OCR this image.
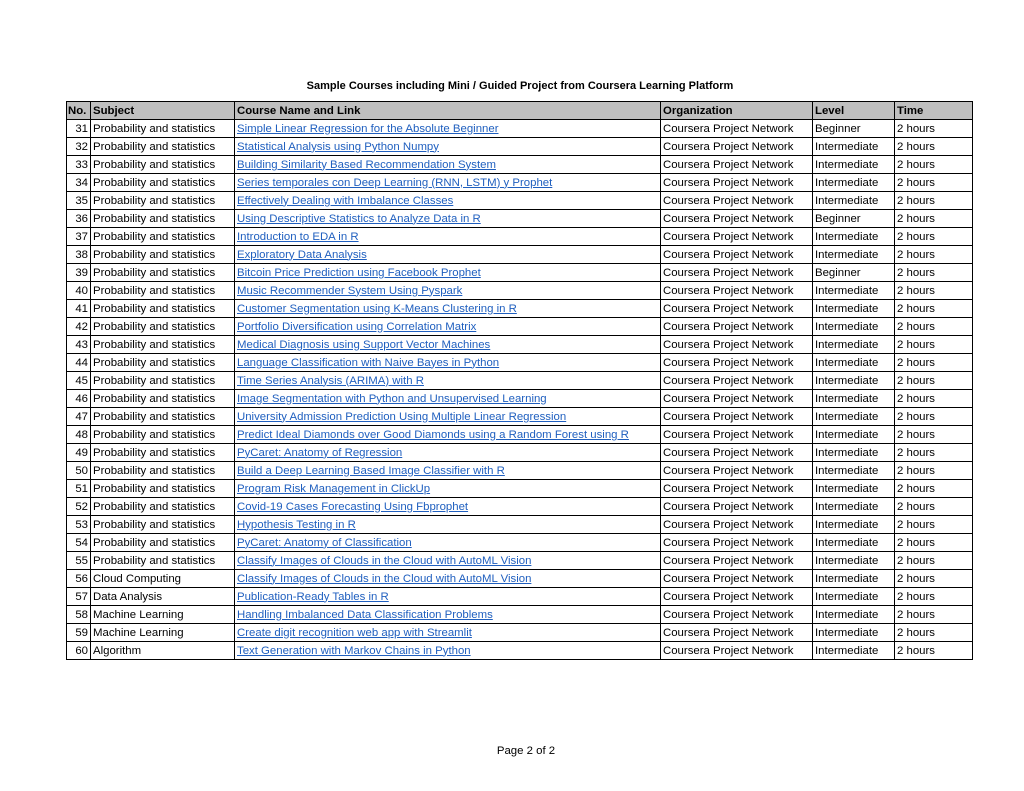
Sample Courses including Mini / Guided Project from Coursera Learning Platform
No.	Subject	Course Name and Link	Organization	Level	Time
31	Probability and statistics	Simple Linear Regression for the Absolute Beginner	Coursera Project Network	Beginner	2 hours
32	Probability and statistics	Statistical Analysis using Python Numpy	Coursera Project Network	Intermediate	2 hours
33	Probability and statistics	Building Similarity Based Recommendation System	Coursera Project Network	Intermediate	2 hours
34	Probability and statistics	Series temporales con Deep Learning (RNN, LSTM) y Prophet	Coursera Project Network	Intermediate	2 hours
35	Probability and statistics	Effectively Dealing with Imbalance Classes	Coursera Project Network	Intermediate	2 hours
36	Probability and statistics	Using Descriptive Statistics to Analyze Data in R	Coursera Project Network	Beginner	2 hours
37	Probability and statistics	Introduction to EDA in R	Coursera Project Network	Intermediate	2 hours
38	Probability and statistics	Exploratory Data Analysis	Coursera Project Network	Intermediate	2 hours
39	Probability and statistics	Bitcoin Price Prediction using Facebook Prophet	Coursera Project Network	Beginner	2 hours
40	Probability and statistics	Music Recommender System Using Pyspark	Coursera Project Network	Intermediate	2 hours
41	Probability and statistics	Customer Segmentation using K-Means Clustering in R	Coursera Project Network	Intermediate	2 hours
42	Probability and statistics	Portfolio Diversification using Correlation Matrix	Coursera Project Network	Intermediate	2 hours
43	Probability and statistics	Medical Diagnosis using Support Vector Machines	Coursera Project Network	Intermediate	2 hours
44	Probability and statistics	Language Classification with Naive Bayes in Python	Coursera Project Network	Intermediate	2 hours
45	Probability and statistics	Time Series Analysis (ARIMA) with R	Coursera Project Network	Intermediate	2 hours
46	Probability and statistics	Image Segmentation with Python and Unsupervised Learning	Coursera Project Network	Intermediate	2 hours
47	Probability and statistics	University Admission Prediction Using Multiple Linear Regression	Coursera Project Network	Intermediate	2 hours
48	Probability and statistics	Predict Ideal Diamonds over Good Diamonds using a Random Forest using R	Coursera Project Network	Intermediate	2 hours
49	Probability and statistics	PyCaret: Anatomy of Regression	Coursera Project Network	Intermediate	2 hours
50	Probability and statistics	Build a Deep Learning Based Image Classifier with R	Coursera Project Network	Intermediate	2 hours
51	Probability and statistics	Program Risk Management in ClickUp	Coursera Project Network	Intermediate	2 hours
52	Probability and statistics	Covid-19 Cases Forecasting Using Fbprophet	Coursera Project Network	Intermediate	2 hours
53	Probability and statistics	Hypothesis Testing in R	Coursera Project Network	Intermediate	2 hours
54	Probability and statistics	PyCaret: Anatomy of Classification	Coursera Project Network	Intermediate	2 hours
55	Probability and statistics	Classify Images of Clouds in the Cloud with AutoML Vision	Coursera Project Network	Intermediate	2 hours
56	Cloud Computing	Classify Images of Clouds in the Cloud with AutoML Vision	Coursera Project Network	Intermediate	2 hours
57	Data Analysis	Publication-Ready Tables in R	Coursera Project Network	Intermediate	2 hours
58	Machine Learning	Handling Imbalanced Data Classification Problems	Coursera Project Network	Intermediate	2 hours
59	Machine Learning	Create digit recognition web app with Streamlit	Coursera Project Network	Intermediate	2 hours
60	Algorithm	Text Generation with Markov Chains in Python	Coursera Project Network	Intermediate	2 hours
Page 2 of 2
